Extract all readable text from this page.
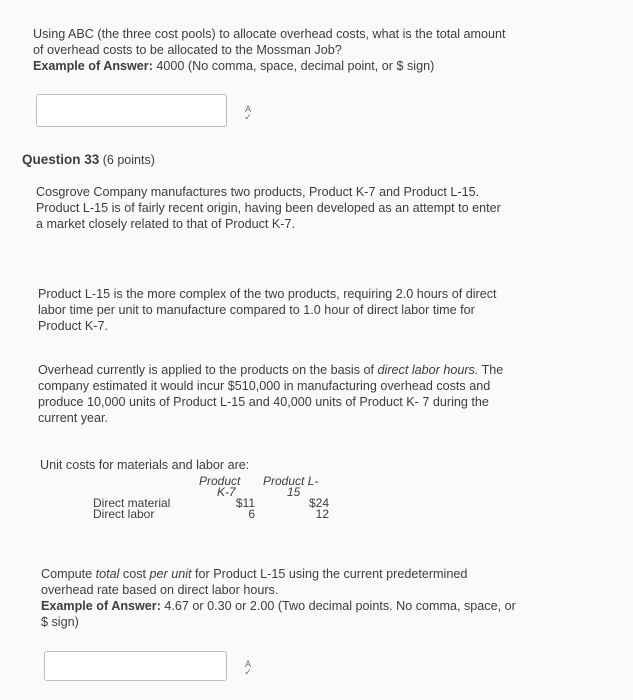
Using ABC (the three cost pools) to allocate overhead costs, what is the total amount

of overhead costs to be allocated to the Mossman Job?

Example of Answer: 4000 (No comma, space, decimal point, or $ sign)

A
✓
Question 33 (6 points)

Cosgrove Company manufactures two products, Product K-7 and Product L-15.

Product L-15 is of fairly recent origin, having been developed as an attempt to enter

a market closely related to that of Product K-7.

Product L-15 is the more complex of the two products, requiring 2.0 hours of direct

labor time per unit to manufacture compared to 1.0 hour of direct labor time for

Product K-7.

Overhead currently is applied to the products on the basis of direct labor hours. The

company estimated it would incur $510,000 in manufacturing overhead costs and

produce 10,000 units of Product L-15 and 40,000 units of Product K- 7 during the

current year.

Unit costs for materials and labor are:

	Product	Product L-
	K-7	15
Direct material	$11	$24
Direct labor	6	12

Compute total cost per unit for Product L-15 using the current predetermined

overhead rate based on direct labor hours.

Example of Answer: 4.67 or 0.30 or 2.00 (Two decimal points. No comma, space, or

$ sign)

A
✓
